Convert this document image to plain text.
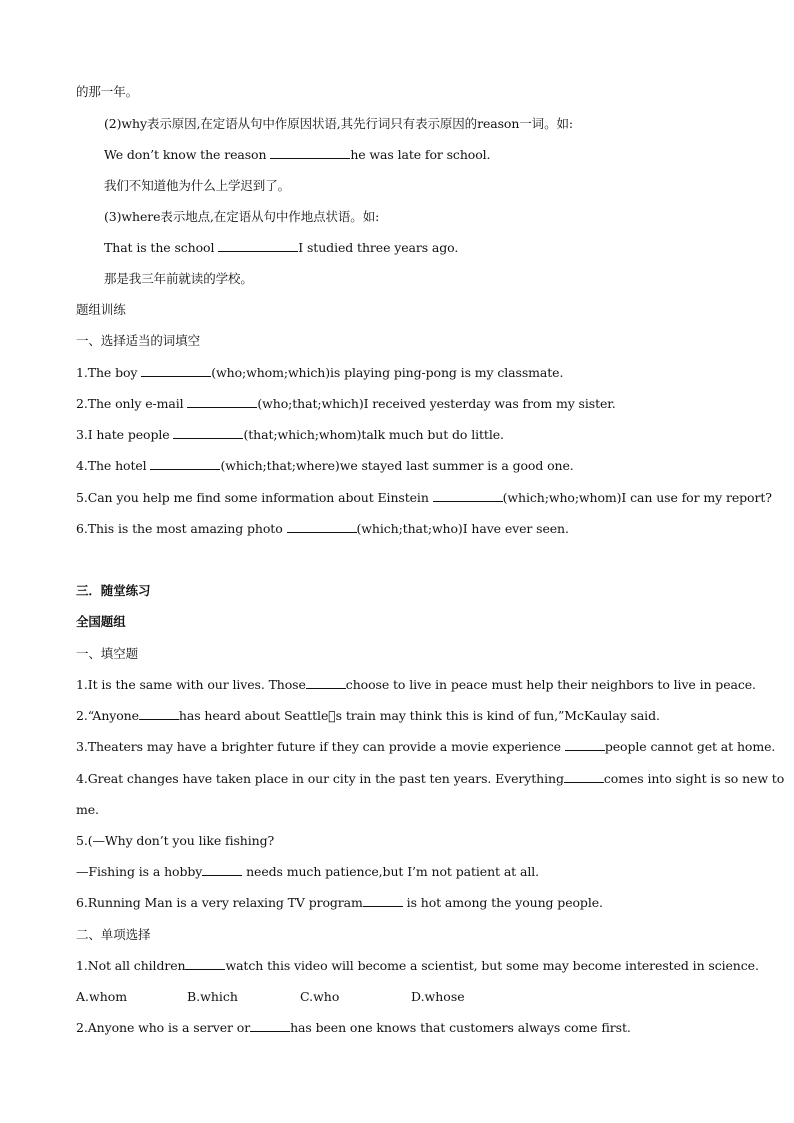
的那一年。
(2)why表示原因,在定语从句中作原因状语,其先行词只有表示原因的reason一词。如:
We don’t know the reason	he was late for school.
我们不知道他为什么上学迟到了。
(3)where表示地点,在定语从句中作地点状语。如:
That is the school	I studied three years ago.
那是我三年前就读的学校。
题组训练
一、选择适当的词填空
1.The boy	(who;whom;which)is playing ping-pong is my classmate.
2.The only e-mail	(who;that;which)I received yesterday was from my sister.
3.I hate people	(that;which;whom)talk much but do little.
4.The hotel	(which;that;where)we stayed last summer is a good one.
5.Can you help me find some information about Einstein	(which;who;whom)I can use for my report?
6.This is the most amazing photo	(which;that;who)I have ever seen.
三．随堂练习
全国题组
一、填空题
1.It is the same with our lives. Those	choose to live in peace must help their neighbors to live in peace.
2.“Anyone	has heard about Seattle s train may think this is kind of fun,”McKaulay said.
3.Theaters may have a brighter future if they can provide a movie experience	people cannot get at home.
4.Great changes have taken place in our city in the past ten years. Everything	comes into sight is so new to
me.
5.(—Why don’t you like fishing?
—Fishing is a hobby	needs much patience,but I’m not patient at all.
6.Running Man is a very relaxing TV program	is hot among the young people.
二、单项选择
1.Not all children	watch this video will become a scientist, but some may become interested in science.
A.whom	B.which	C.who	D.whose
2.Anyone who is a server or	has been one knows that customers always come first.
